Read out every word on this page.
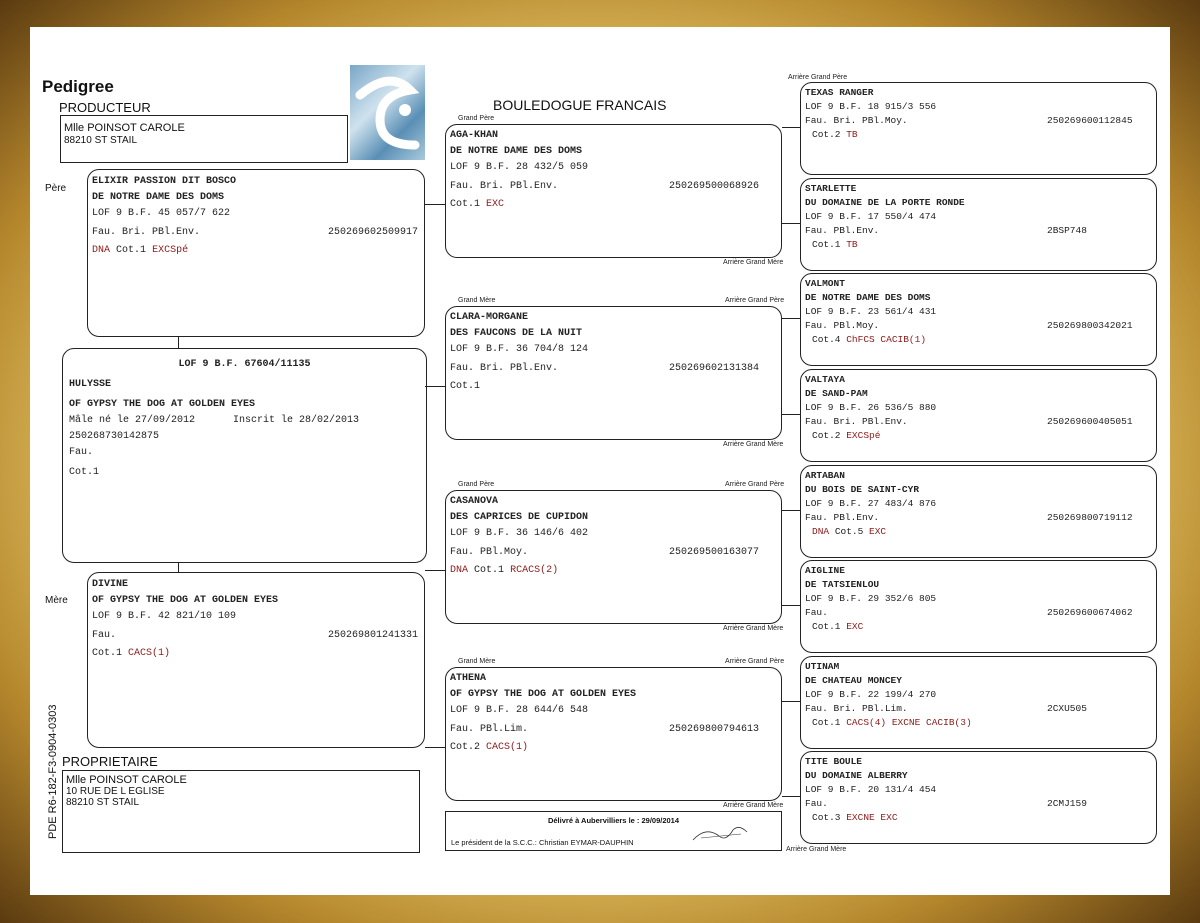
Pedigree
PRODUCTEUR
Mlle POINSOT CAROLE
88210 ST STAIL
BOULEDOGUE FRANCAIS
PDE R6-182-F3-0904-0303
Père
ELIXIR PASSION DIT BOSCO
DE NOTRE DAME DES DOMS
LOF 9 B.F. 45 057/7 622
Fau. Bri. PBl.Env.	250269602509917
DNA Cot.1 EXCSpé
LOF 9 B.F. 67604/11135
HULYSSE
OF GYPSY THE DOG AT GOLDEN EYES
Mâle né le 27/09/2012	Inscrit le 28/02/2013
250268730142875
Fau.
Cot.1
Mère
DIVINE
OF GYPSY THE DOG AT GOLDEN EYES
LOF 9 B.F. 42 821/10 109
Fau.	250269801241331
Cot.1 CACS(1)
PROPRIETAIRE
Mlle POINSOT CAROLE
10 RUE DE L EGLISE
88210 ST STAIL
Délivré à Aubervilliers le : 29/09/2014
Le président de la S.C.C.: Christian EYMAR-DAUPHIN
Grand Père
Arrière Grand Mère
AGA-KHAN
DE NOTRE DAME DES DOMS
LOF 9 B.F. 28 432/5 059
Fau. Bri. PBl.Env.	250269500068926
Cot.1 EXC
Grand Mère	Arrière Grand Père
Arrière Grand Mère
CLARA-MORGANE
DES FAUCONS DE LA NUIT
LOF 9 B.F. 36 704/8 124
Fau. Bri. PBl.Env.	250269602131384
Cot.1
Grand Père	Arrière Grand Père
Arrière Grand Mère
CASANOVA
DES CAPRICES DE CUPIDON
LOF 9 B.F. 36 146/6 402
Fau. PBl.Moy.	250269500163077
DNA Cot.1 RCACS(2)
Grand Mère	Arrière Grand Père
Arrière Grand Mère
ATHENA
OF GYPSY THE DOG AT GOLDEN EYES
LOF 9 B.F. 28 644/6 548
Fau. PBl.Lim.	250269800794613
Cot.2 CACS(1)
TEXAS RANGER
LOF 9 B.F. 18 915/3 556
Fau. Bri. PBl.Moy.	250269600112845
Cot.2 TB
STARLETTE
DU DOMAINE DE LA PORTE RONDE
LOF 9 B.F. 17 550/4 474
Fau. PBl.Env.	2BSP748
Cot.1 TB
VALMONT
DE NOTRE DAME DES DOMS
LOF 9 B.F. 23 561/4 431
Fau. PBl.Moy.	250269800342021
Cot.4 ChFCS CACIB(1)
VALTAYA
DE SAND-PAM
LOF 9 B.F. 26 536/5 880
Fau. Bri. PBl.Env.	250269600405051
Cot.2 EXCSpé
ARTABAN
DU BOIS DE SAINT-CYR
LOF 9 B.F. 27 483/4 876
Fau. PBl.Env.	250269800719112
DNA Cot.5 EXC
AIGLINE
DE TATSIENLOU
LOF 9 B.F. 29 352/6 805
Fau.	250269600674062
Cot.1 EXC
UTINAM
DE CHATEAU MONCEY
LOF 9 B.F. 22 199/4 270
Fau. Bri. PBl.Lim.	2CXU505
Cot.1 CACS(4) EXCNE CACIB(3)
TITE BOULE
DU DOMAINE ALBERRY
LOF 9 B.F. 20 131/4 454
Fau.	2CMJ159
Cot.3 EXCNE EXC
Arrière Grand Père
Arrière Grand Mère
